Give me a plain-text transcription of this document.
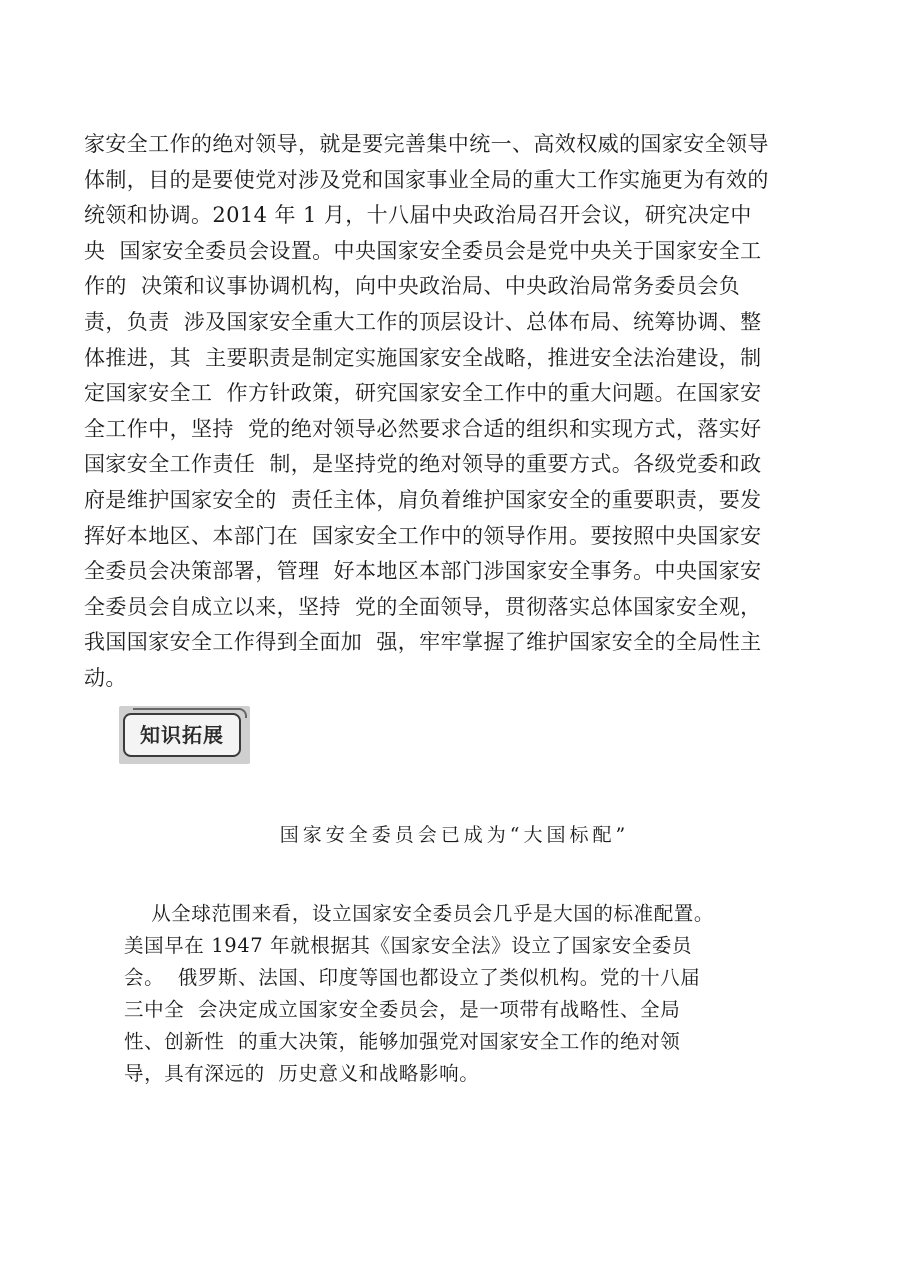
家安全工作的绝对领导，就是要完善集中统一、高效权威的国家安全领导
体制，目的是要使党对涉及党和国家事业全局的重大工作实施更为有效的
统领和协调。2014 年 1 月，十八届中央政治局召开会议，研究决定中
央  国家安全委员会设置。中央国家安全委员会是党中央关于国家安全工
作的  决策和议事协调机构，向中央政治局、中央政治局常务委员会负
责，负责  涉及国家安全重大工作的顶层设计、总体布局、统筹协调、整
体推进，其  主要职责是制定实施国家安全战略，推进安全法治建设，制
定国家安全工  作方针政策，研究国家安全工作中的重大问题。在国家安
全工作中，坚持  党的绝对领导必然要求合适的组织和实现方式，落实好
国家安全工作责任  制，是坚持党的绝对领导的重要方式。各级党委和政
府是维护国家安全的  责任主体，肩负着维护国家安全的重要职责，要发
挥好本地区、本部门在  国家安全工作中的领导作用。要按照中央国家安
全委员会决策部署，管理  好本地区本部门涉国家安全事务。中央国家安
全委员会自成立以来，坚持  党的全面领导，贯彻落实总体国家安全观，
我国国家安全工作得到全面加  强，牢牢掌握了维护国家安全的全局性主
动。
知识拓展
国家安全委员会已成为“大国标配”
从全球范围来看，设立国家安全委员会几乎是大国的标准配置。
美国早在 1947 年就根据其《国家安全法》设立了国家安全委员
会。  俄罗斯、法国、印度等国也都设立了类似机构。党的十八届
三中全  会决定成立国家安全委员会，是一项带有战略性、全局
性、创新性  的重大决策，能够加强党对国家安全工作的绝对领
导，具有深远的  历史意义和战略影响。
